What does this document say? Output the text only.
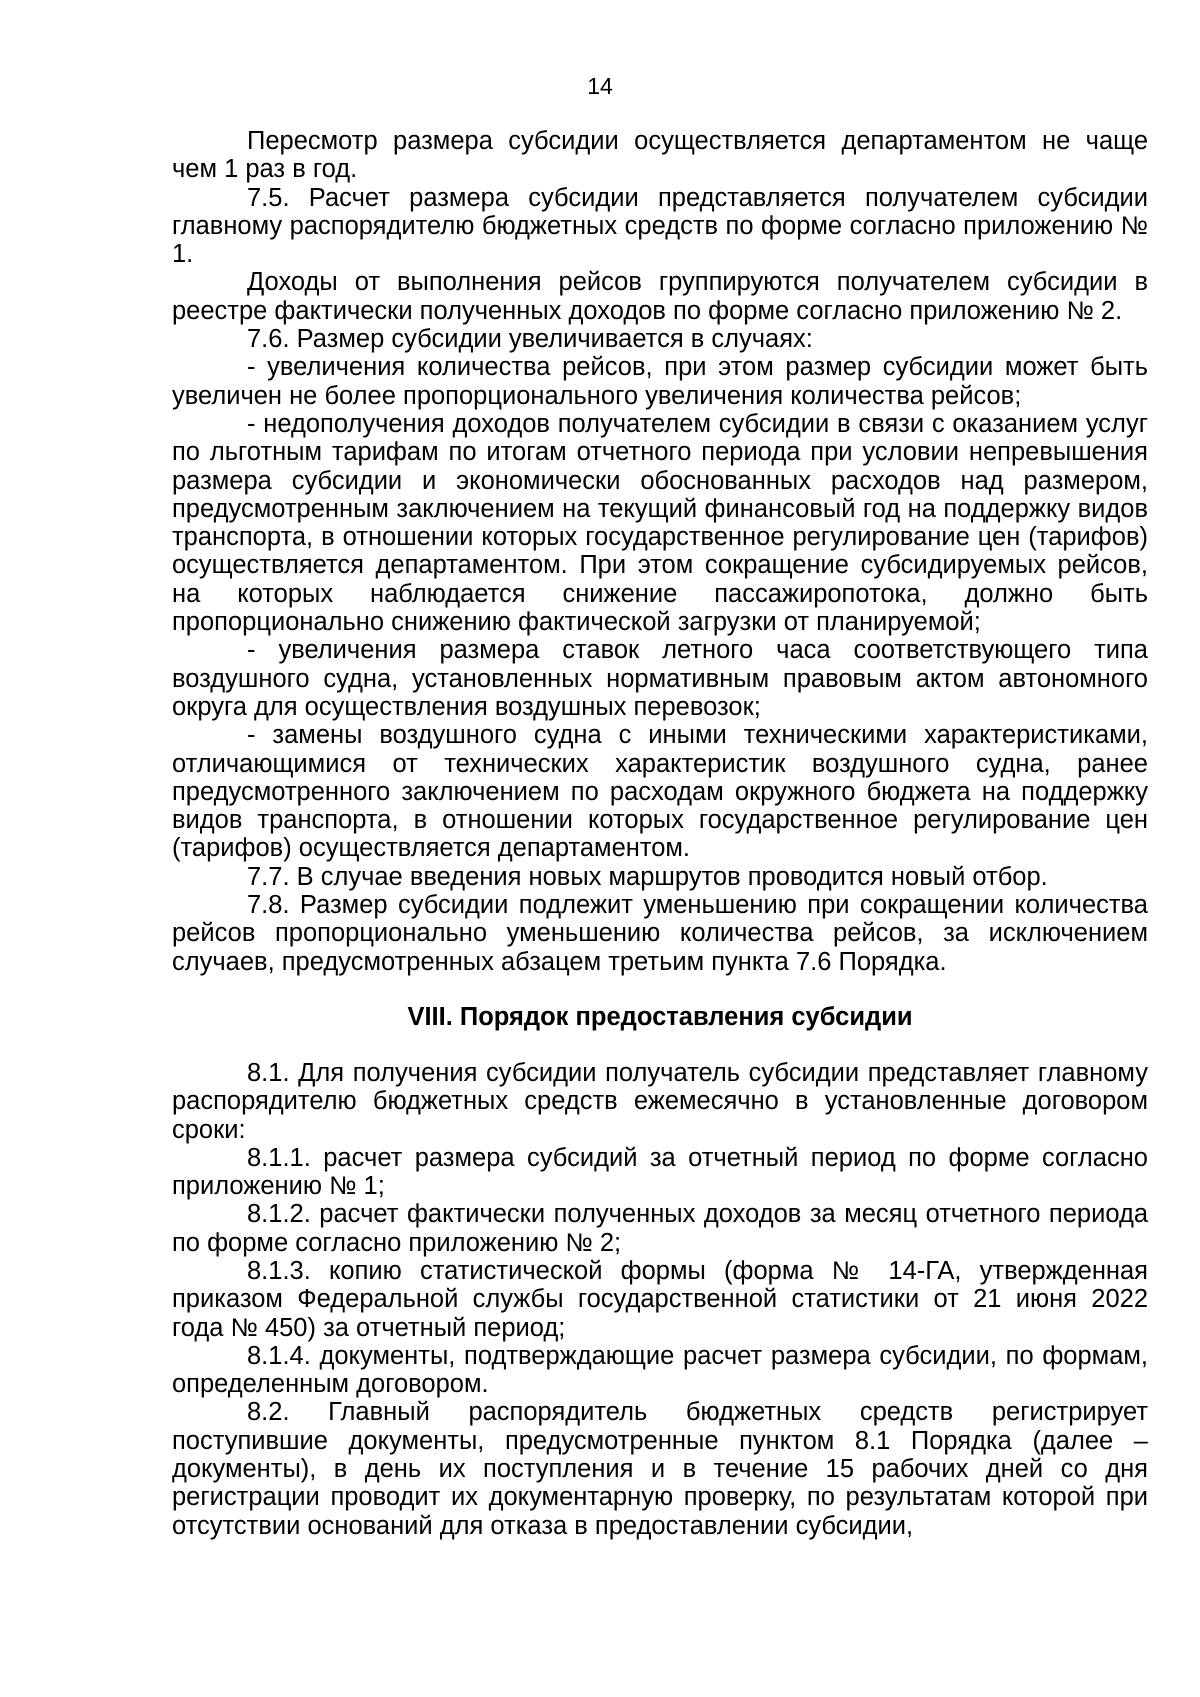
14

Пересмотр размера субсидии осуществляется департаментом не чаще чем 1 раз в год.

7.5. Расчет размера субсидии представляется получателем субсидии главному распорядителю бюджетных средств по форме согласно приложению № 1.

Доходы от выполнения рейсов группируются получателем субсидии в реестре фактически полученных доходов по форме согласно приложению № 2.

7.6. Размер субсидии увеличивается в случаях:

- увеличения количества рейсов, при этом размер субсидии может быть увеличен не более пропорционального увеличения количества рейсов;

- недополучения доходов получателем субсидии в связи с оказанием услуг по льготным тарифам по итогам отчетного периода при условии непревышения размера субсидии и экономически обоснованных расходов над размером, предусмотренным заключением на текущий финансовый год на поддержку видов транспорта, в отношении которых государственное регулирование цен (тарифов) осуществляется департаментом. При этом сокращение субсидируемых рейсов, на которых наблюдается снижение пассажиропотока, должно быть пропорционально снижению фактической загрузки от планируемой;

- увеличения размера ставок летного часа соответствующего типа воздушного судна, установленных нормативным правовым актом автономного округа для осуществления воздушных перевозок;

- замены воздушного судна с иными техническими характеристиками, отличающимися от технических характеристик воздушного судна, ранее предусмотренного заключением по расходам окружного бюджета на поддержку видов транспорта, в отношении которых государственное регулирование цен (тарифов) осуществляется департаментом.

7.7. В случае введения новых маршрутов проводится новый отбор.

7.8. Размер субсидии подлежит уменьшению при сокращении количества рейсов пропорционально уменьшению количества рейсов, за исключением случаев, предусмотренных абзацем третьим пункта 7.6 Порядка.

VIII. Порядок предоставления субсидии

8.1. Для получения субсидии получатель субсидии представляет главному распорядителю бюджетных средств ежемесячно в установленные договором сроки:

8.1.1. расчет размера субсидий за отчетный период по форме согласно приложению № 1;

8.1.2. расчет фактически полученных доходов за месяц отчетного периода по форме согласно приложению № 2;

8.1.3. копию статистической формы (форма № 14-ГА, утвержденная приказом Федеральной службы государственной статистики от 21 июня 2022 года № 450) за отчетный период;

8.1.4. документы, подтверждающие расчет размера субсидии, по формам, определенным договором.

8.2. Главный распорядитель бюджетных средств регистрирует поступившие документы, предусмотренные пунктом 8.1 Порядка (далее – документы), в день их поступления и в течение 15 рабочих дней со дня регистрации проводит их документарную проверку, по результатам которой при отсутствии оснований для отказа в предоставлении субсидии,
